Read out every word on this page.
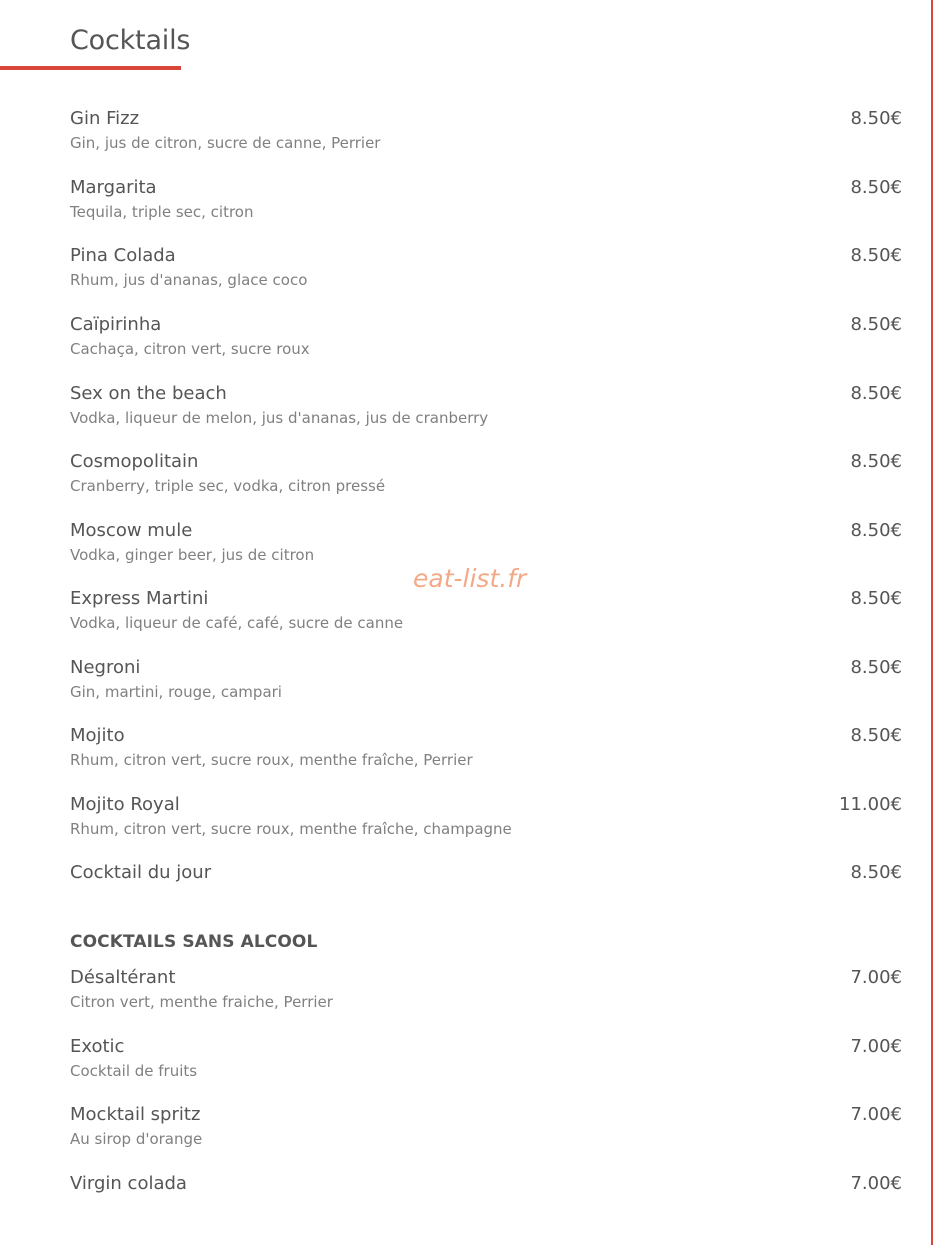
Cocktails
Gin Fizz	8.50€
Gin, jus de citron, sucre de canne, Perrier
Margarita	8.50€
Tequila, triple sec, citron
Pina Colada	8.50€
Rhum, jus d'ananas, glace coco
Caïpirinha	8.50€
Cachaça, citron vert, sucre roux
Sex on the beach	8.50€
Vodka, liqueur de melon, jus d'ananas, jus de cranberry
Cosmopolitain	8.50€
Cranberry, triple sec, vodka, citron pressé
Moscow mule	8.50€
Vodka, ginger beer, jus de citron
Express Martini	8.50€
Vodka, liqueur de café, café, sucre de canne
Negroni	8.50€
Gin, martini, rouge, campari
Mojito	8.50€
Rhum, citron vert, sucre roux, menthe fraîche, Perrier
Mojito Royal	11.00€
Rhum, citron vert, sucre roux, menthe fraîche, champagne
Cocktail du jour	8.50€
COCKTAILS SANS ALCOOL
Désaltérant	7.00€
Citron vert, menthe fraiche, Perrier
Exotic	7.00€
Cocktail de fruits
Mocktail spritz	7.00€
Au sirop d'orange
Virgin colada	7.00€
eat-list.fr
